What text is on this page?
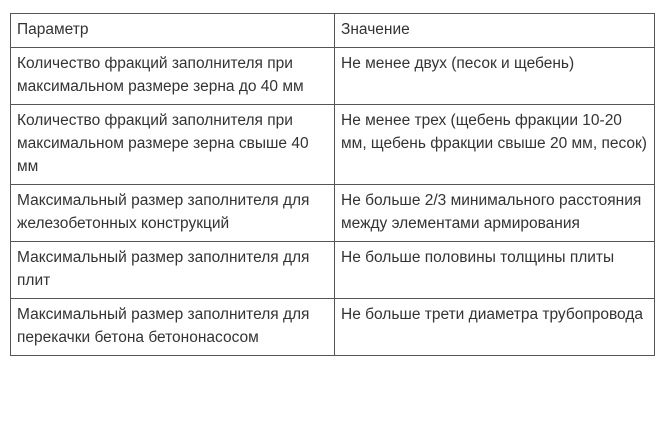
Параметр	Значение
Количество фракций заполнителя при максимальном размере зерна до 40 мм	Не менее двух (песок и щебень)
Количество фракций заполнителя при максимальном размере зерна свыше 40 мм	Не менее трех (щебень фракции 10-20 мм, щебень фракции свыше 20 мм, песок)
Максимальный размер заполнителя для железобетонных конструкций	Не больше 2/3 минимального расстояния между элементами армирования
Максимальный размер заполнителя для плит	Не больше половины толщины плиты
Максимальный размер заполнителя для перекачки бетона бетононасосом	Не больше трети диаметра трубопровода
